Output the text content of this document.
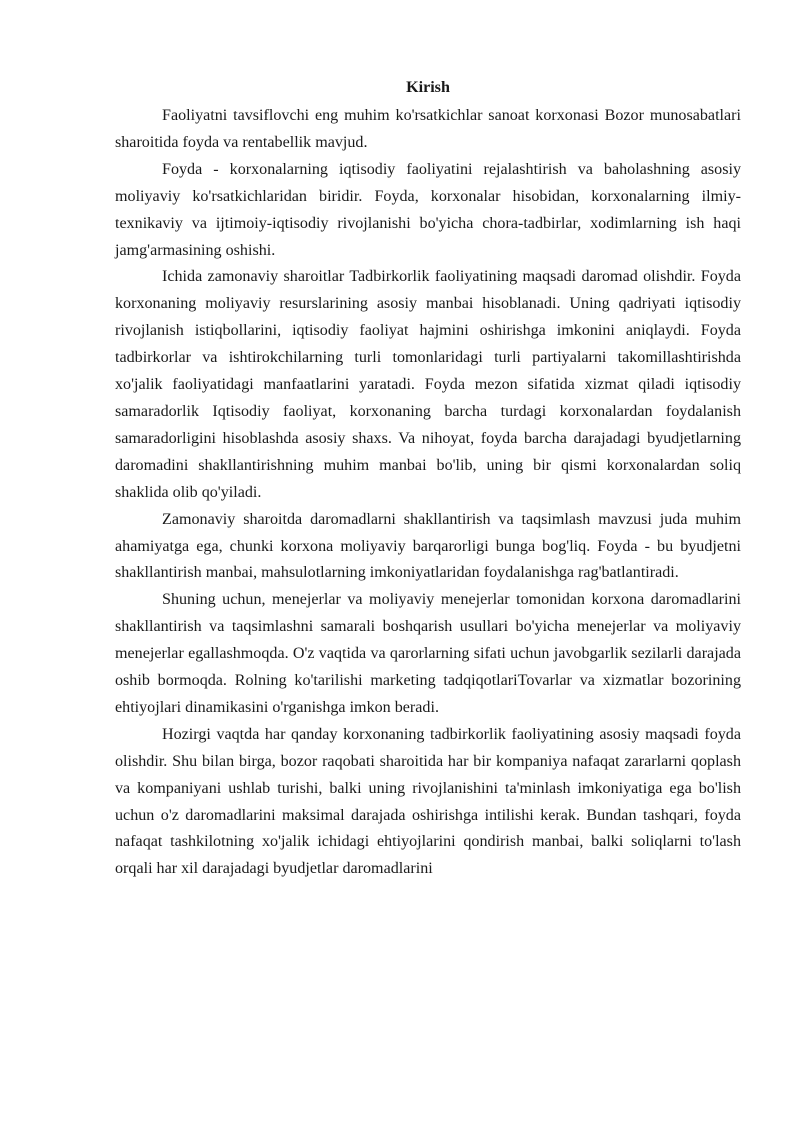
Kirish

Faoliyatni tavsiflovchi eng muhim ko'rsatkichlar sanoat korxonasi Bozor munosabatlari sharoitida foyda va rentabellik mavjud.

Foyda - korxonalarning iqtisodiy faoliyatini rejalashtirish va baholashning asosiy moliyaviy ko'rsatkichlaridan biridir. Foyda, korxonalar hisobidan, korxonalarning ilmiy-texnikaviy va ijtimoiy-iqtisodiy rivojlanishi bo'yicha chora-tadbirlar, xodimlarning ish haqi jamg'armasining oshishi.

Ichida zamonaviy sharoitlar Tadbirkorlik faoliyatining maqsadi daromad olishdir. Foyda korxonaning moliyaviy resurslarining asosiy manbai hisoblanadi. Uning qadriyati iqtisodiy rivojlanish istiqbollarini, iqtisodiy faoliyat hajmini oshirishga imkonini aniqlaydi. Foyda tadbirkorlar va ishtirokchilarning turli tomonlaridagi turli partiyalarni takomillashtirishda xo'jalik faoliyatidagi manfaatlarini yaratadi. Foyda mezon sifatida xizmat qiladi iqtisodiy samaradorlik Iqtisodiy faoliyat, korxonaning barcha turdagi korxonalardan foydalanish samaradorligini hisoblashda asosiy shaxs. Va nihoyat, foyda barcha darajadagi byudjetlarning daromadini shakllantirishning muhim manbai bo'lib, uning bir qismi korxonalardan soliq shaklida olib qo'yiladi.

Zamonaviy sharoitda daromadlarni shakllantirish va taqsimlash mavzusi juda muhim ahamiyatga ega, chunki korxona moliyaviy barqarorligi bunga bog'liq. Foyda - bu byudjetni shakllantirish manbai, mahsulotlarning imkoniyatlaridan foydalanishga rag'batlantiradi.

Shuning uchun, menejerlar va moliyaviy menejerlar tomonidan korxona daromadlarini shakllantirish va taqsimlashni samarali boshqarish usullari bo'yicha menejerlar va moliyaviy menejerlar egallashmoqda. O'z vaqtida va qarorlarning sifati uchun javobgarlik sezilarli darajada oshib bormoqda. Rolning ko'tarilishi marketing tadqiqotlariTovarlar va xizmatlar bozorining ehtiyojlari dinamikasini o'rganishga imkon beradi.

Hozirgi vaqtda har qanday korxonaning tadbirkorlik faoliyatining asosiy maqsadi foyda olishdir. Shu bilan birga, bozor raqobati sharoitida har bir kompaniya nafaqat zararlarni qoplash va kompaniyani ushlab turishi, balki uning rivojlanishini ta'minlash imkoniyatiga ega bo'lish uchun o'z daromadlarini maksimal darajada oshirishga intilishi kerak. Bundan tashqari, foyda nafaqat tashkilotning xo'jalik ichidagi ehtiyojlarini qondirish manbai, balki soliqlarni to'lash orqali har xil darajadagi byudjetlar daromadlarini
